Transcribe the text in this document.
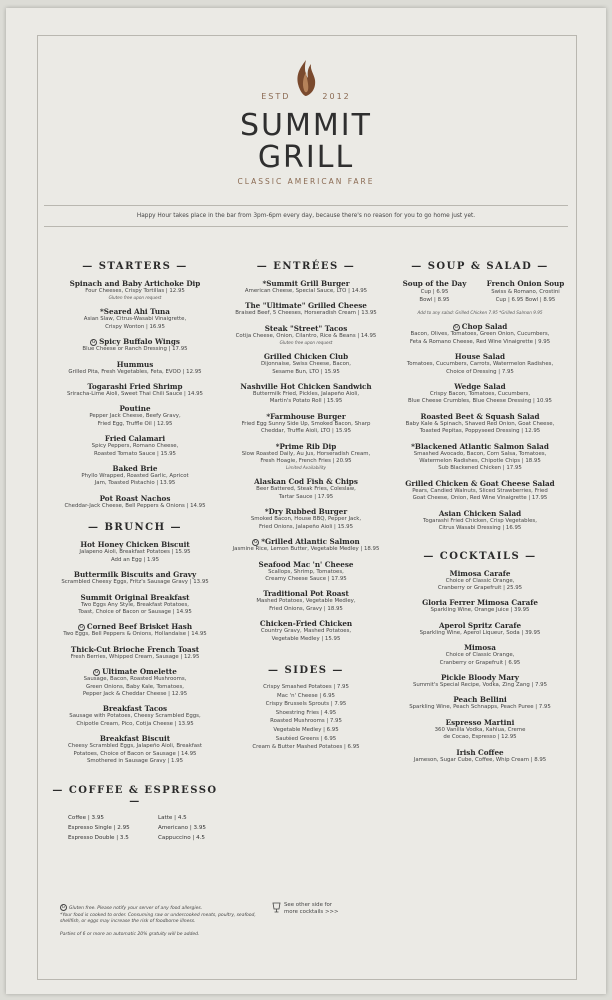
ESTD	2012
SUMMIT
GRILL
CLASSIC AMERICAN FARE
Happy Hour takes place in the bar from 3pm-6pm every day, because there's no reason for you to go home just yet.
— STARTERS —
Spinach and Baby Artichoke Dip
Four Cheeses, Crispy Tortillas | 12.95
Gluten free upon request
*Seared Ahi Tuna
Asian Slaw, Citrus-Wasabi Vinaigrette,
Crispy Wonton | 16.95
G Spicy Buffalo Wings
Blue Cheese or Ranch Dressing | 17.95
Hummus
Grilled Pita, Fresh Vegetables, Feta, EVOO | 12.95
Togarashi Fried Shrimp
Sriracha-Lime Aioli, Sweet Thai Chili Sauce | 14.95
Poutine
Pepper Jack Cheese, Beefy Gravy,
Fried Egg, Truffle Oil | 12.95
Fried Calamari
Spicy Peppers, Romano Cheese,
Roasted Tomato Sauce | 15.95
Baked Brie
Phyllo Wrapped, Roasted Garlic, Apricot
Jam, Toasted Pistachio | 13.95
Pot Roast Nachos
Cheddar-Jack Cheese, Bell Peppers & Onions | 14.95
— BRUNCH —
Hot Honey Chicken Biscuit
Jalapeno Aioli, Breakfast Potatoes | 15.95
Add an Egg | 1.95
Buttermilk Biscuits and Gravy
Scrambled Cheesy Eggs, Fritz's Sausage Gravy | 13.95
Summit Original Breakfast
Two Eggs Any Style, Breakfast Potatoes,
Toast, Choice of Bacon or Sausage | 14.95
G Corned Beef Brisket Hash
Two Eggs, Bell Peppers & Onions, Hollandaise | 14.95
Thick-Cut Brioche French Toast
Fresh Berries, Whipped Cream, Sausage | 12.95
G Ultimate Omelette
Sausage, Bacon, Roasted Mushrooms,
Green Onions, Baby Kale, Tomatoes,
Pepper Jack & Cheddar Cheese | 12.95
Breakfast Tacos
Sausage with Potatoes, Cheesy Scrambled Eggs,
Chipotle Cream, Pico, Cotija Cheese | 13.95
Breakfast Biscuit
Cheesy Scrambled Eggs, Jalapeño Aioli, Breakfast
Potatoes, Choice of Bacon or Sausage | 14.95
Smothered in Sausage Gravy | 1.95
— COFFEE & ESPRESSO —
Coffee | 3.95
Espresso Single | 2.95
Espresso Double | 3.5
Latte | 4.5
Americano | 3.95
Cappuccino | 4.5
— ENTRÉES —
*Summit Grill Burger
American Cheese, Special Sauce, LTO | 14.95
The "Ultimate" Grilled Cheese
Braised Beef, 5 Cheeses, Horseradish Cream | 13.95
Steak "Street" Tacos
Cotija Cheese, Onion, Cilantro, Rice & Beans | 14.95
Gluten free upon request
Grilled Chicken Club
Dijonnaise, Swiss Cheese, Bacon,
Sesame Bun, LTO | 15.95
Nashville Hot Chicken Sandwich
Buttermilk Fried, Pickles, Jalapeño Aioli,
Martin's Potato Roll | 15.95
*Farmhouse Burger
Fried Egg Sunny Side Up, Smoked Bacon, Sharp
Cheddar, Truffle Aioli, LTO | 15.95
*Prime Rib Dip
Slow Roasted Daily, Au Jus, Horseradish Cream,
Fresh Hoagie, French Fries | 20.95
Limited Availability
Alaskan Cod Fish & Chips
Beer Battered, Steak Fries, Coleslaw,
Tartar Sauce | 17.95
*Dry Rubbed Burger
Smoked Bacon, House BBQ, Pepper Jack,
Fried Onions, Jalapeño Aioli | 15.95
G *Grilled Atlantic Salmon
Jasmine Rice, Lemon Butter, Vegetable Medley | 18.95
Seafood Mac 'n' Cheese
Scallops, Shrimp, Tomatoes,
Creamy Cheese Sauce | 17.95
Traditional Pot Roast
Mashed Potatoes, Vegetable Medley,
Fried Onions, Gravy | 18.95
Chicken-Fried Chicken
Country Gravy, Mashed Potatoes,
Vegetable Medley | 15.95
— SIDES —
Crispy Smashed Potatoes | 7.95
Mac 'n' Cheese | 6.95
Crispy Brussels Sprouts | 7.95
Shoestring Fries | 4.95
Roasted Mushrooms | 7.95
Vegetable Medley | 6.95
Sautéed Greens | 6.95
Cream & Butter Mashed Potatoes | 6.95
— SOUP & SALAD —
Soup of the Day
Cup | 6.95
Bowl | 8.95
French Onion Soup
Swiss & Romano, Crostini
Cup | 6.95 Bowl | 8.95
Add to any salad: Grilled Chicken 7.95 *Grilled Salmon 9.95
G Chop Salad
Bacon, Olives, Tomatoes, Green Onion, Cucumbers,
Feta & Romano Cheese, Red Wine Vinaigrette | 9.95
House Salad
Tomatoes, Cucumbers, Carrots, Watermelon Radishes,
Choice of Dressing | 7.95
Wedge Salad
Crispy Bacon, Tomatoes, Cucumbers,
Blue Cheese Crumbles, Blue Cheese Dressing | 10.95
Roasted Beet & Squash Salad
Baby Kale & Spinach, Shaved Red Onion, Goat Cheese,
Toasted Pepitas, Poppyseed Dressing | 12.95
*Blackened Atlantic Salmon Salad
Smashed Avocado, Bacon, Corn Salsa, Tomatoes,
Watermelon Radishes, Chipotle Chips | 18.95
Sub Blackened Chicken | 17.95
Grilled Chicken & Goat Cheese Salad
Pears, Candied Walnuts, Sliced Strawberries, Fried
Goat Cheese, Onion, Red Wine Vinaigrette | 17.95
Asian Chicken Salad
Togarashi Fried Chicken, Crisp Vegetables,
Citrus Wasabi Dressing | 16.95
— COCKTAILS —
Mimosa Carafe
Choice of Classic Orange,
Cranberry or Grapefruit | 25.95
Gloria Ferrer Mimosa Carafe
Sparkling Wine, Orange Juice | 39.95
Aperol Spritz Carafe
Sparkling Wine, Aperol Liqueur, Soda | 39.95
Mimosa
Choice of Classic Orange,
Cranberry or Grapefruit | 6.95
Pickle Bloody Mary
Summit's Special Recipe, Vodka, Zing Zang | 7.95
Peach Bellini
Sparkling Wine, Peach Schnapps, Peach Puree | 7.95
Espresso Martini
360 Vanilla Vodka, Kahlua, Creme
de Cocao, Espresso | 12.95
Irish Coffee
Jameson, Sugar Cube, Coffee, Whip Cream | 8.95
G Gluten free. Please notify your server of any food allergies.
*Your food is cooked to order. Consuming raw or undercooked meats, poultry, seafood, shellfish, or eggs may increase the risk of foodborne illness.
Parties of 6 or more an automatic 20% gratuity will be added.
See other side for
more cocktails >>>
